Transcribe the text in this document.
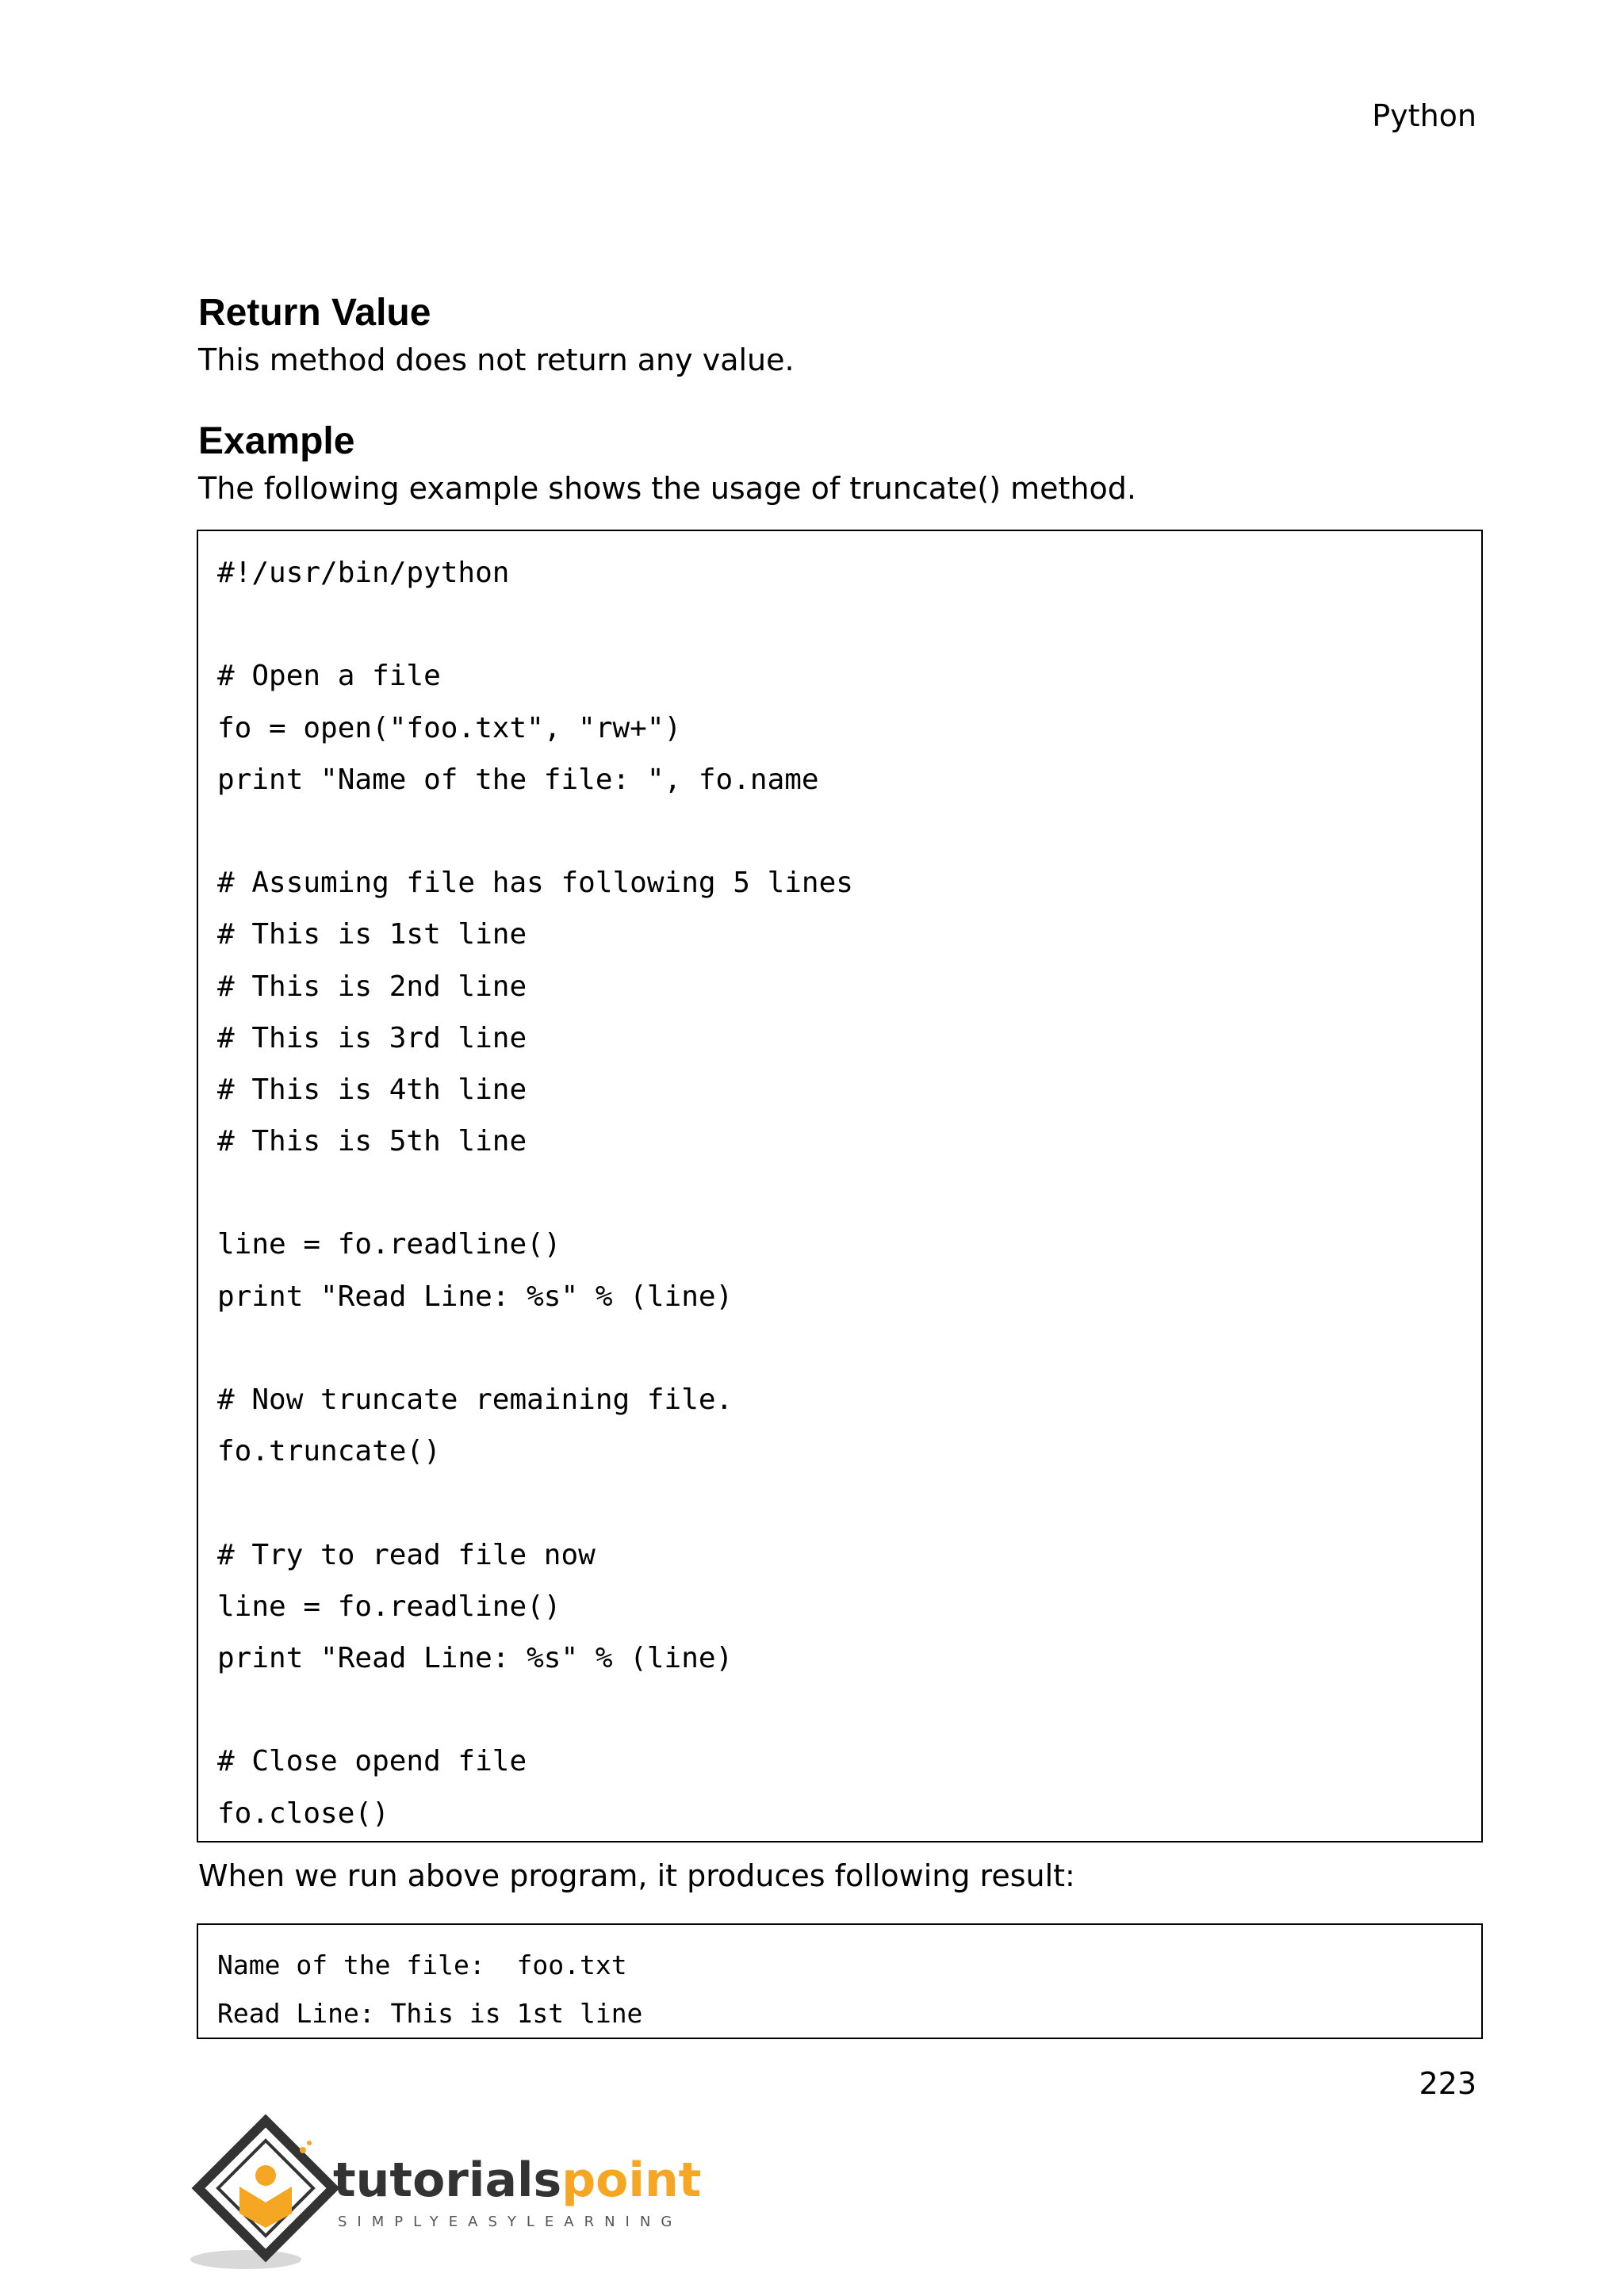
Python
Return Value
This method does not return any value.
Example
The following example shows the usage of truncate() method.
#!/usr/bin/python
# Open a file
fo = open("foo.txt", "rw+")
print "Name of the file: ", fo.name
# Assuming file has following 5 lines
# This is 1st line
# This is 2nd line
# This is 3rd line
# This is 4th line
# This is 5th line
line = fo.readline()
print "Read Line: %s" % (line)
# Now truncate remaining file.
fo.truncate()
# Try to read file now
line = fo.readline()
print "Read Line: %s" % (line)
# Close opend file
fo.close()
When we run above program, it produces following result:
Name of the file:  foo.txt
Read Line: This is 1st line
223
tutorialspoint
SIMPLYEASYLEARNING
